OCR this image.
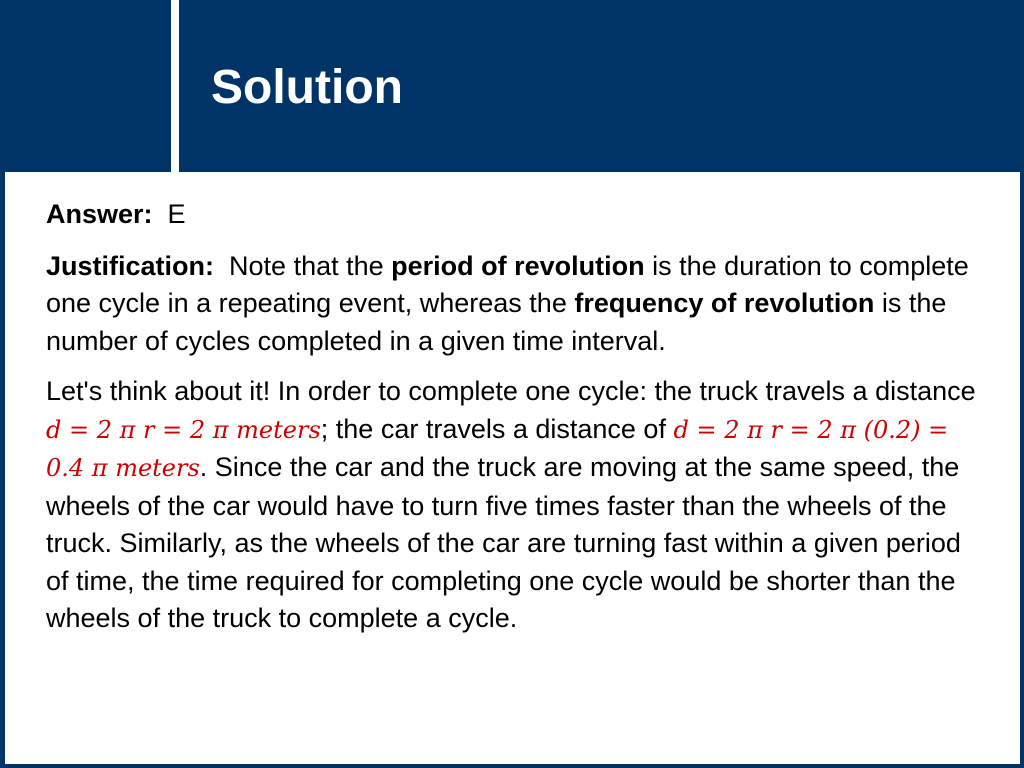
Solution

Answer: E

Justification: Note that the period of revolution is the duration to complete one cycle in a repeating event, whereas the frequency of revolution is the number of cycles completed in a given time interval.

Let's think about it! In order to complete one cycle: the truck travels a distance d = 2 π r = 2 π meters; the car travels a distance of d = 2 π r = 2 π (0.2) = 0.4 π meters. Since the car and the truck are moving at the same speed, the wheels of the car would have to turn five times faster than the wheels of the truck. Similarly, as the wheels of the car are turning fast within a given period of time, the time required for completing one cycle would be shorter than the wheels of the truck to complete a cycle.
